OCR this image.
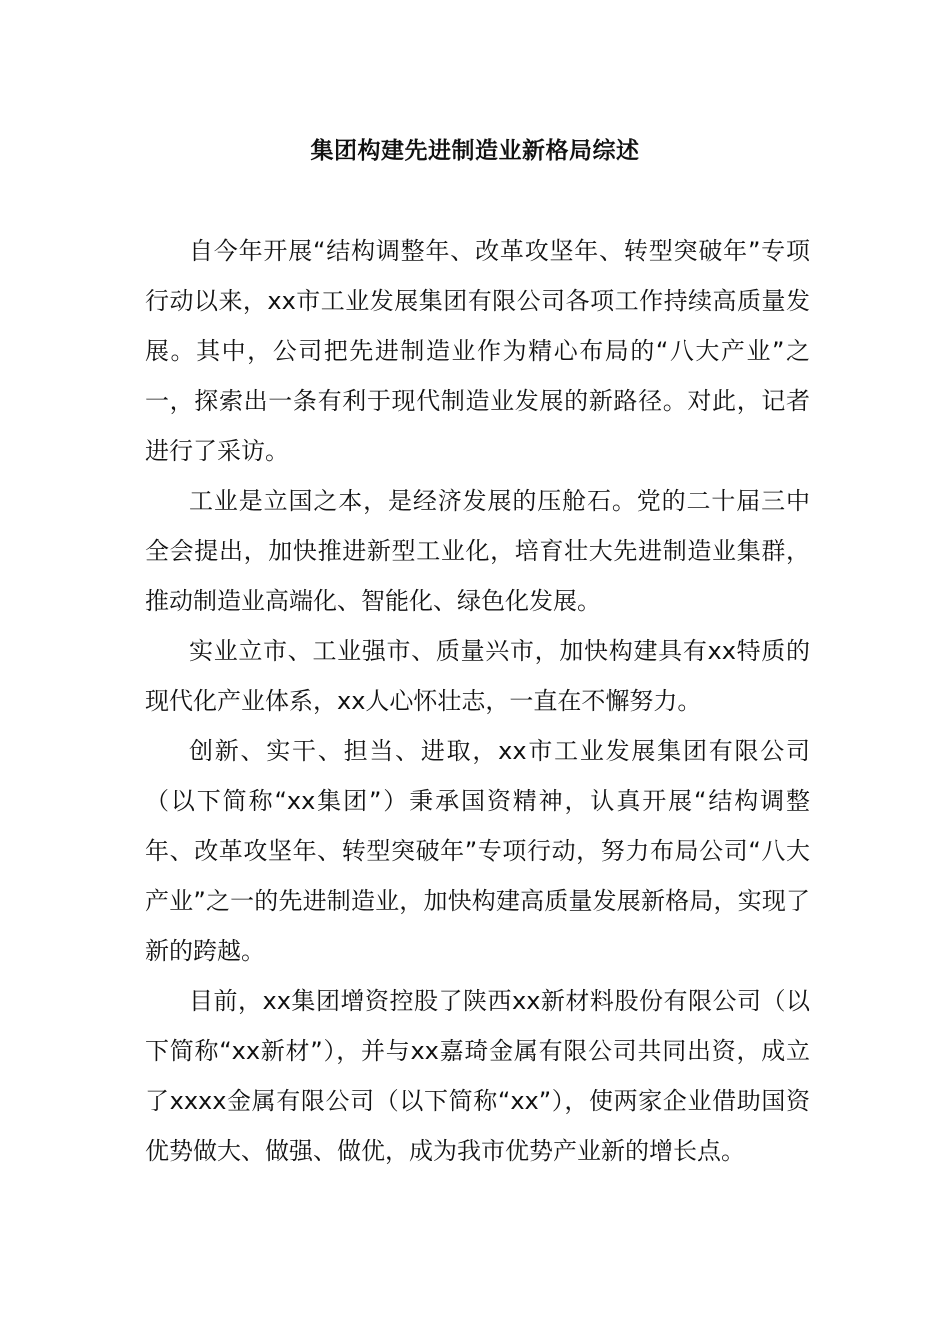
集团构建先进制造业新格局综述

自今年开展“结构调整年、改革攻坚年、转型突破年”专项行动以来，xx市工业发展集团有限公司各项工作持续高质量发展。其中，公司把先进制造业作为精心布局的“八大产业”之一，探索出一条有利于现代制造业发展的新路径。对此，记者进行了采访。

工业是立国之本，是经济发展的压舱石。党的二十届三中全会提出，加快推进新型工业化，培育壮大先进制造业集群，推动制造业高端化、智能化、绿色化发展。

实业立市、工业强市、质量兴市，加快构建具有xx特质的现代化产业体系，xx人心怀壮志，一直在不懈努力。

创新、实干、担当、进取，xx市工业发展集团有限公司（以下简称“xx集团”）秉承国资精神，认真开展“结构调整年、改革攻坚年、转型突破年”专项行动，努力布局公司“八大产业”之一的先进制造业，加快构建高质量发展新格局，实现了新的跨越。

目前，xx集团增资控股了陕西xx新材料股份有限公司（以下简称“xx新材”），并与xx嘉琦金属有限公司共同出资，成立了xxxx金属有限公司（以下简称“xx”），使两家企业借助国资优势做大、做强、做优，成为我市优势产业新的增长点。
